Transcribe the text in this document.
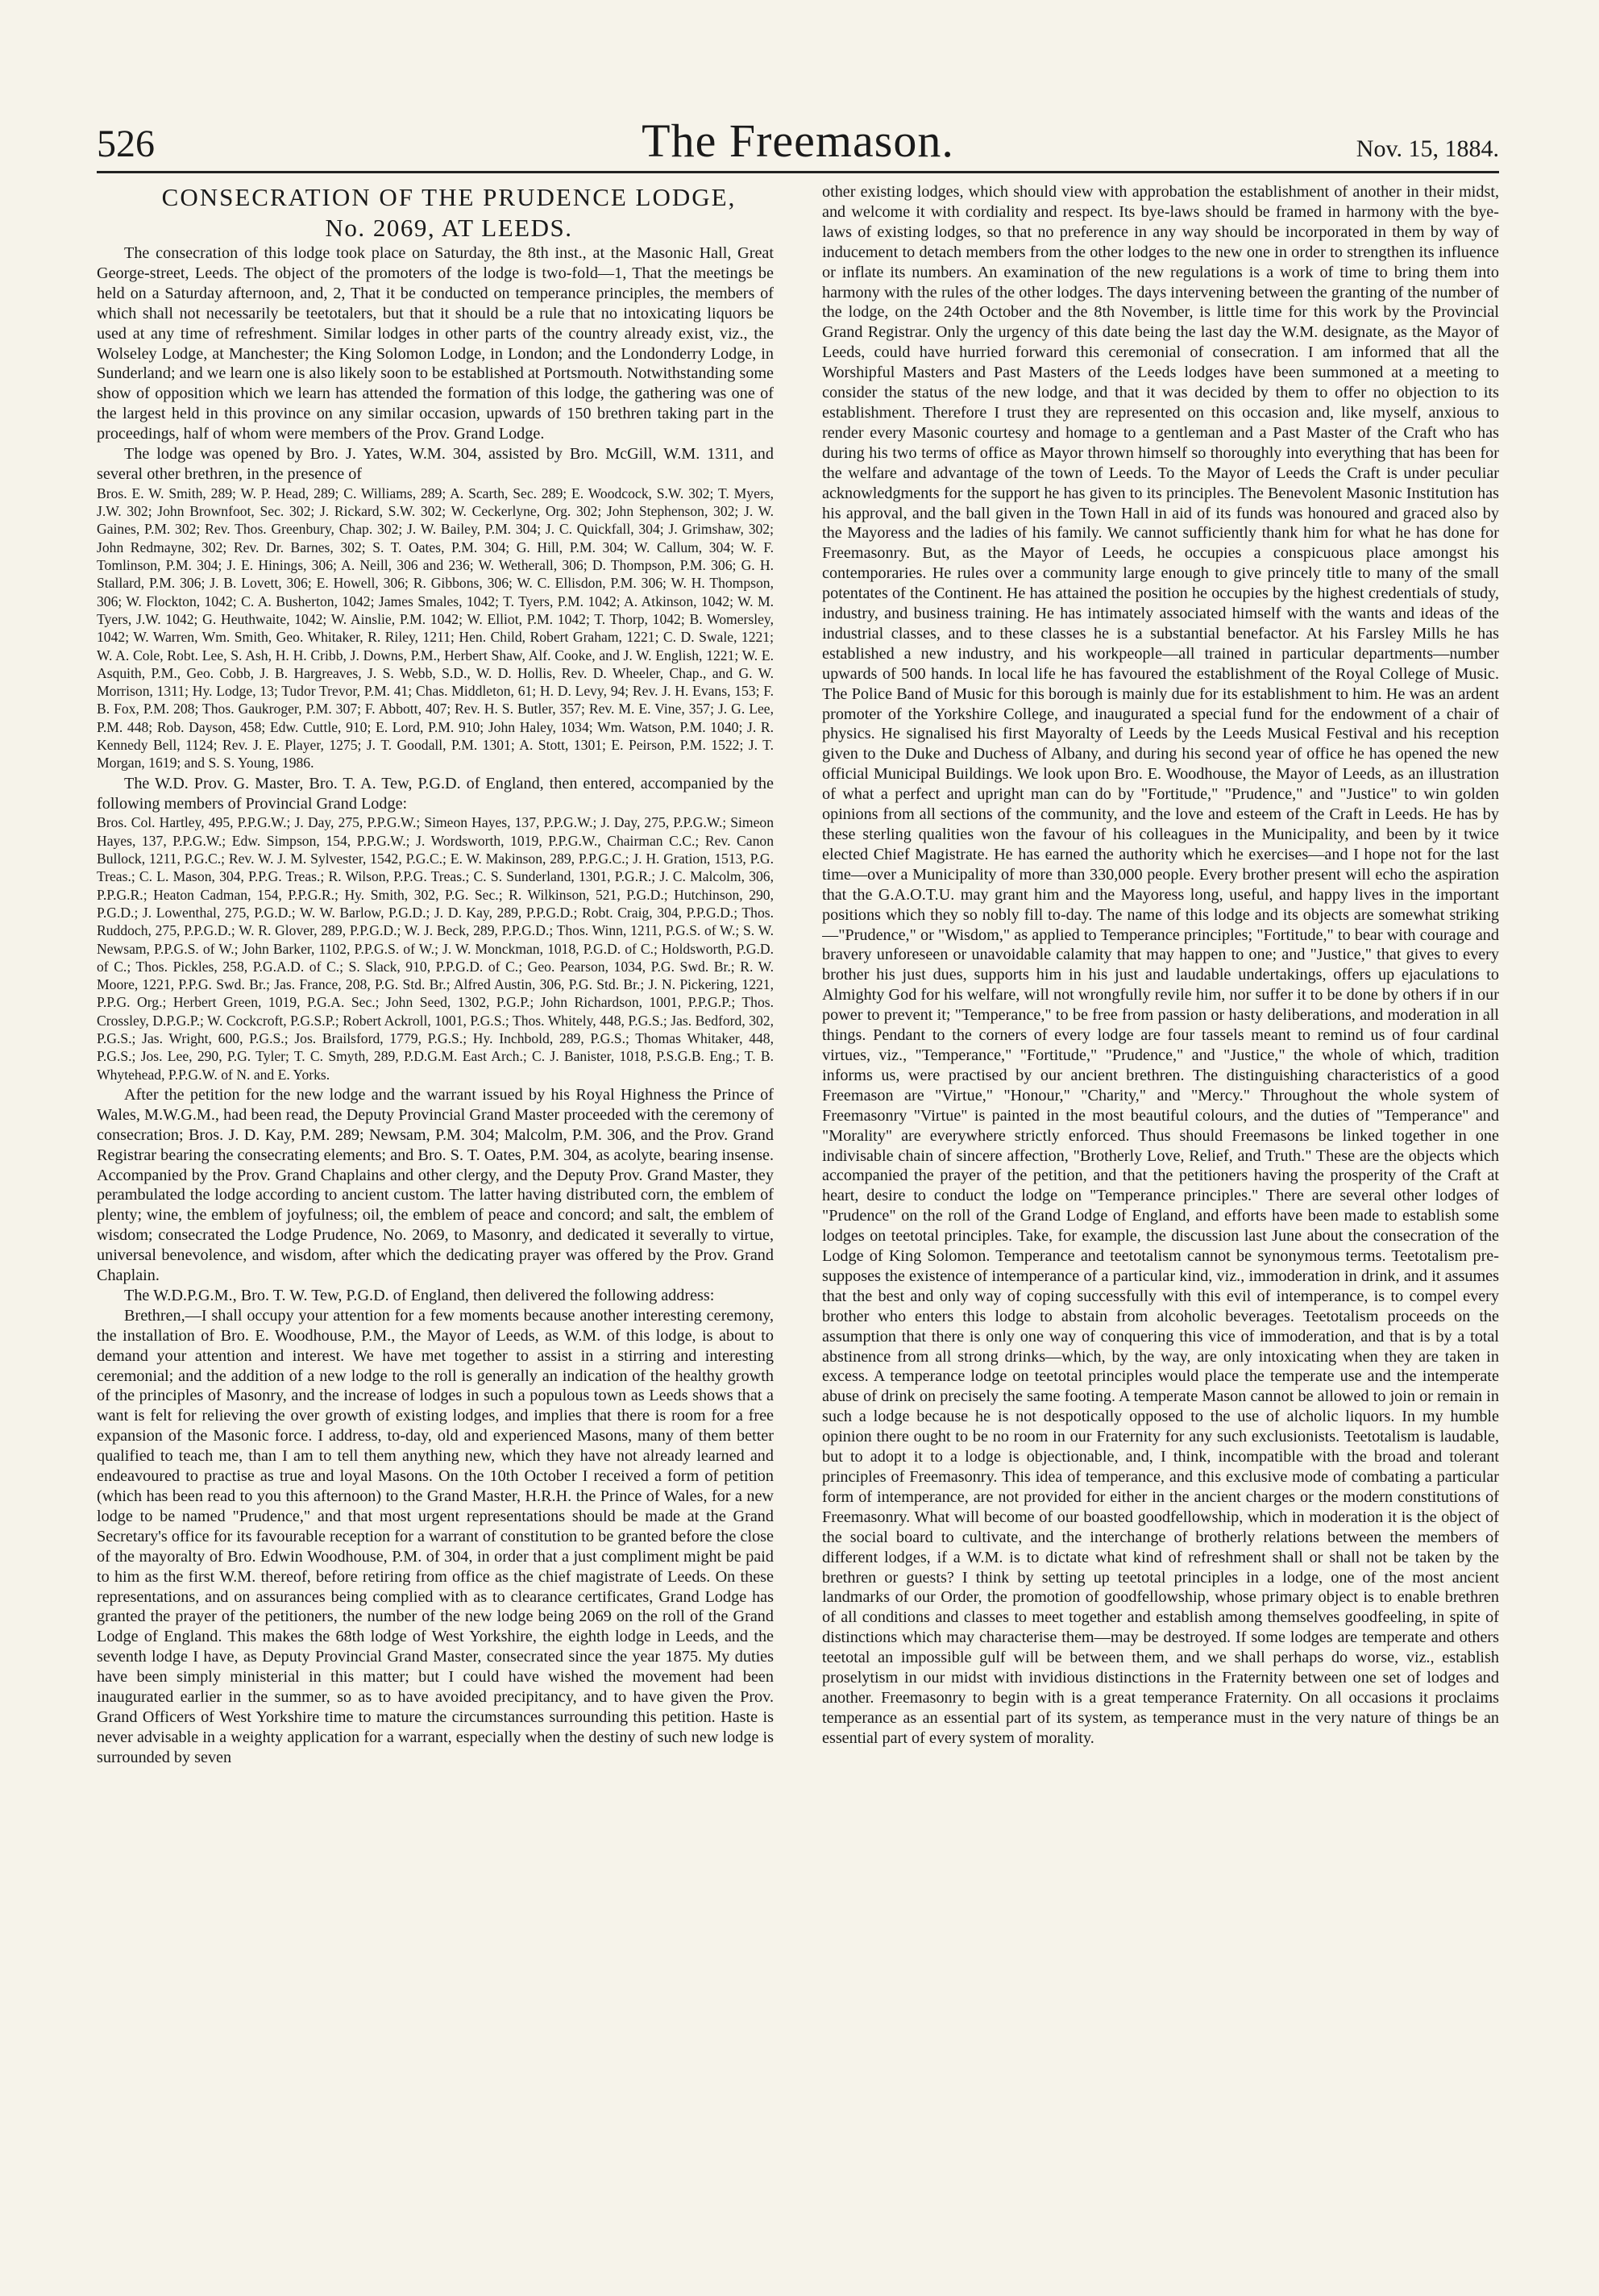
526	The Freemason.	Nov. 15, 1884.

CONSECRATION OF THE PRUDENCE LODGE,

No. 2069, AT LEEDS.

The consecration of this lodge took place on Saturday, the 8th inst., at the Masonic Hall, Great George-street, Leeds. The object of the promoters of the lodge is two-fold—1, That the meetings be held on a Saturday afternoon, and, 2, That it be conducted on temperance principles, the members of which shall not necessarily be teetotalers, but that it should be a rule that no intoxicating liquors be used at any time of refreshment. Similar lodges in other parts of the country already exist, viz., the Wolseley Lodge, at Manchester; the King Solomon Lodge, in London; and the Londonderry Lodge, in Sunderland; and we learn one is also likely soon to be established at Portsmouth. Notwithstanding some show of opposition which we learn has attended the formation of this lodge, the gathering was one of the largest held in this province on any similar occasion, upwards of 150 brethren taking part in the proceedings, half of whom were members of the Prov. Grand Lodge.

The lodge was opened by Bro. J. Yates, W.M. 304, assisted by Bro. McGill, W.M. 1311, and several other brethren, in the presence of

Bros. E. W. Smith, 289; W. P. Head, 289; C. Williams, 289; A. Scarth, Sec. 289; E. Woodcock, S.W. 302; T. Myers, J.W. 302; John Brownfoot, Sec. 302; J. Rickard, S.W. 302; W. Ceckerlyne, Org. 302; John Stephenson, 302; J. W. Gaines, P.M. 302; Rev. Thos. Greenbury, Chap. 302; J. W. Bailey, P.M. 304; J. C. Quickfall, 304; J. Grimshaw, 302; John Redmayne, 302; Rev. Dr. Barnes, 302; S. T. Oates, P.M. 304; G. Hill, P.M. 304; W. Callum, 304; W. F. Tomlinson, P.M. 304; J. E. Hinings, 306; A. Neill, 306 and 236; W. Wetherall, 306; D. Thompson, P.M. 306; G. H. Stallard, P.M. 306; J. B. Lovett, 306; E. Howell, 306; R. Gibbons, 306; W. C. Ellisdon, P.M. 306; W. H. Thompson, 306; W. Flockton, 1042; C. A. Busherton, 1042; James Smales, 1042; T. Tyers, P.M. 1042; A. Atkinson, 1042; W. M. Tyers, J.W. 1042; G. Heuthwaite, 1042; W. Ainslie, P.M. 1042; W. Elliot, P.M. 1042; T. Thorp, 1042; B. Womersley, 1042; W. Warren, Wm. Smith, Geo. Whitaker, R. Riley, 1211; Hen. Child, Robert Graham, 1221; C. D. Swale, 1221; W. A. Cole, Robt. Lee, S. Ash, H. H. Cribb, J. Downs, P.M., Herbert Shaw, Alf. Cooke, and J. W. English, 1221; W. E. Asquith, P.M., Geo. Cobb, J. B. Hargreaves, J. S. Webb, S.D., W. D. Hollis, Rev. D. Wheeler, Chap., and G. W. Morrison, 1311; Hy. Lodge, 13; Tudor Trevor, P.M. 41; Chas. Middleton, 61; H. D. Levy, 94; Rev. J. H. Evans, 153; F. B. Fox, P.M. 208; Thos. Gaukroger, P.M. 307; F. Abbott, 407; Rev. H. S. Butler, 357; Rev. M. E. Vine, 357; J. G. Lee, P.M. 448; Rob. Dayson, 458; Edw. Cuttle, 910; E. Lord, P.M. 910; John Haley, 1034; Wm. Watson, P.M. 1040; J. R. Kennedy Bell, 1124; Rev. J. E. Player, 1275; J. T. Goodall, P.M. 1301; A. Stott, 1301; E. Peirson, P.M. 1522; J. T. Morgan, 1619; and S. S. Young, 1986.

The W.D. Prov. G. Master, Bro. T. A. Tew, P.G.D. of England, then entered, accompanied by the following members of Provincial Grand Lodge:

Bros. Col. Hartley, 495, P.P.G.W.; J. Day, 275, P.P.G.W.; Simeon Hayes, 137, P.P.G.W.; J. Day, 275, P.P.G.W.; Simeon Hayes, 137, P.P.G.W.; Edw. Simpson, 154, P.P.G.W.; J. Wordsworth, 1019, P.P.G.W., Chairman C.C.; Rev. Canon Bullock, 1211, P.G.C.; Rev. W. J. M. Sylvester, 1542, P.G.C.; E. W. Makinson, 289, P.P.G.C.; J. H. Gration, 1513, P.G. Treas.; C. L. Mason, 304, P.P.G. Treas.; R. Wilson, P.P.G. Treas.; C. S. Sunderland, 1301, P.G.R.; J. C. Malcolm, 306, P.P.G.R.; Heaton Cadman, 154, P.P.G.R.; Hy. Smith, 302, P.G. Sec.; R. Wilkinson, 521, P.G.D.; Hutchinson, 290, P.G.D.; J. Lowenthal, 275, P.G.D.; W. W. Barlow, P.G.D.; J. D. Kay, 289, P.P.G.D.; Robt. Craig, 304, P.P.G.D.; Thos. Ruddoch, 275, P.P.G.D.; W. R. Glover, 289, P.P.G.D.; W. J. Beck, 289, P.P.G.D.; Thos. Winn, 1211, P.G.S. of W.; S. W. Newsam, P.P.G.S. of W.; John Barker, 1102, P.P.G.S. of W.; J. W. Monckman, 1018, P.G.D. of C.; Holdsworth, P.G.D. of C.; Thos. Pickles, 258, P.G.A.D. of C.; S. Slack, 910, P.P.G.D. of C.; Geo. Pearson, 1034, P.G. Swd. Br.; R. W. Moore, 1221, P.P.G. Swd. Br.; Jas. France, 208, P.G. Std. Br.; Alfred Austin, 306, P.G. Std. Br.; J. N. Pickering, 1221, P.P.G. Org.; Herbert Green, 1019, P.G.A. Sec.; John Seed, 1302, P.G.P.; John Richardson, 1001, P.P.G.P.; Thos. Crossley, D.P.G.P.; W. Cockcroft, P.G.S.P.; Robert Ackroll, 1001, P.G.S.; Thos. Whitely, 448, P.G.S.; Jas. Bedford, 302, P.G.S.; Jas. Wright, 600, P.G.S.; Jos. Brailsford, 1779, P.G.S.; Hy. Inchbold, 289, P.G.S.; Thomas Whitaker, 448, P.G.S.; Jos. Lee, 290, P.G. Tyler; T. C. Smyth, 289, P.D.G.M. East Arch.; C. J. Banister, 1018, P.S.G.B. Eng.; T. B. Whytehead, P.P.G.W. of N. and E. Yorks.

After the petition for the new lodge and the warrant issued by his Royal Highness the Prince of Wales, M.W.G.M., had been read, the Deputy Provincial Grand Master proceeded with the ceremony of consecration; Bros. J. D. Kay, P.M. 289; Newsam, P.M. 304; Malcolm, P.M. 306, and the Prov. Grand Registrar bearing the consecrating elements; and Bro. S. T. Oates, P.M. 304, as acolyte, bearing insense. Accompanied by the Prov. Grand Chaplains and other clergy, and the Deputy Prov. Grand Master, they perambulated the lodge according to ancient custom. The latter having distributed corn, the emblem of plenty; wine, the emblem of joyfulness; oil, the emblem of peace and concord; and salt, the emblem of wisdom; consecrated the Lodge Prudence, No. 2069, to Masonry, and dedicated it severally to virtue, universal benevolence, and wisdom, after which the dedicating prayer was offered by the Prov. Grand Chaplain.

The W.D.P.G.M., Bro. T. W. Tew, P.G.D. of England, then delivered the following address:

Brethren,—I shall occupy your attention for a few moments because another interesting ceremony, the installation of Bro. E. Woodhouse, P.M., the Mayor of Leeds, as W.M. of this lodge, is about to demand your attention and interest. We have met together to assist in a stirring and interesting ceremonial; and the addition of a new lodge to the roll is generally an indication of the healthy growth of the principles of Masonry, and the increase of lodges in such a populous town as Leeds shows that a want is felt for relieving the over growth of existing lodges, and implies that there is room for a free expansion of the Masonic force. I address, to-day, old and experienced Masons, many of them better qualified to teach me, than I am to tell them anything new, which they have not already learned and endeavoured to practise as true and loyal Masons. On the 10th October I received a form of petition (which has been read to you this afternoon) to the Grand Master, H.R.H. the Prince of Wales, for a new lodge to be named "Prudence," and that most urgent representations should be made at the Grand Secretary's office for its favourable reception for a warrant of constitution to be granted before the close of the mayoralty of Bro. Edwin Woodhouse, P.M. of 304, in order that a just compliment might be paid to him as the first W.M. thereof, before retiring from office as the chief magistrate of Leeds. On these representations, and on assurances being complied with as to clearance certificates, Grand Lodge has granted the prayer of the petitioners, the number of the new lodge being 2069 on the roll of the Grand Lodge of England. This makes the 68th lodge of West Yorkshire, the eighth lodge in Leeds, and the seventh lodge I have, as Deputy Provincial Grand Master, consecrated since the year 1875. My duties have been simply ministerial in this matter; but I could have wished the movement had been inaugurated earlier in the summer, so as to have avoided precipitancy, and to have given the Prov. Grand Officers of West Yorkshire time to mature the circumstances surrounding this petition. Haste is never advisable in a weighty application for a warrant, especially when the destiny of such new lodge is surrounded by seven

other existing lodges, which should view with approbation the establishment of another in their midst, and welcome it with cordiality and respect. Its bye-laws should be framed in harmony with the bye-laws of existing lodges, so that no preference in any way should be incorporated in them by way of inducement to detach members from the other lodges to the new one in order to strengthen its influence or inflate its numbers. An examination of the new regulations is a work of time to bring them into harmony with the rules of the other lodges. The days intervening between the granting of the number of the lodge, on the 24th October and the 8th November, is little time for this work by the Provincial Grand Registrar. Only the urgency of this date being the last day the W.M. designate, as the Mayor of Leeds, could have hurried forward this ceremonial of consecration. I am informed that all the Worshipful Masters and Past Masters of the Leeds lodges have been summoned at a meeting to consider the status of the new lodge, and that it was decided by them to offer no objection to its establishment. Therefore I trust they are represented on this occasion and, like myself, anxious to render every Masonic courtesy and homage to a gentleman and a Past Master of the Craft who has during his two terms of office as Mayor thrown himself so thoroughly into everything that has been for the welfare and advantage of the town of Leeds. To the Mayor of Leeds the Craft is under peculiar acknowledgments for the support he has given to its principles. The Benevolent Masonic Institution has his approval, and the ball given in the Town Hall in aid of its funds was honoured and graced also by the Mayoress and the ladies of his family. We cannot sufficiently thank him for what he has done for Freemasonry. But, as the Mayor of Leeds, he occupies a conspicuous place amongst his contemporaries. He rules over a community large enough to give princely title to many of the small potentates of the Continent. He has attained the position he occupies by the highest credentials of study, industry, and business training. He has intimately associated himself with the wants and ideas of the industrial classes, and to these classes he is a substantial benefactor. At his Farsley Mills he has established a new industry, and his workpeople—all trained in particular departments—number upwards of 500 hands. In local life he has favoured the establishment of the Royal College of Music. The Police Band of Music for this borough is mainly due for its establishment to him. He was an ardent promoter of the Yorkshire College, and inaugurated a special fund for the endowment of a chair of physics. He signalised his first Mayoralty of Leeds by the Leeds Musical Festival and his reception given to the Duke and Duchess of Albany, and during his second year of office he has opened the new official Municipal Buildings. We look upon Bro. E. Woodhouse, the Mayor of Leeds, as an illustration of what a perfect and upright man can do by "Fortitude," "Prudence," and "Justice" to win golden opinions from all sections of the community, and the love and esteem of the Craft in Leeds. He has by these sterling qualities won the favour of his colleagues in the Municipality, and been by it twice elected Chief Magistrate. He has earned the authority which he exercises—and I hope not for the last time—over a Municipality of more than 330,000 people. Every brother present will echo the aspiration that the G.A.O.T.U. may grant him and the Mayoress long, useful, and happy lives in the important positions which they so nobly fill to-day. The name of this lodge and its objects are somewhat striking—"Prudence," or "Wisdom," as applied to Temperance principles; "Fortitude," to bear with courage and bravery unforeseen or unavoidable calamity that may happen to one; and "Justice," that gives to every brother his just dues, supports him in his just and laudable undertakings, offers up ejaculations to Almighty God for his welfare, will not wrongfully revile him, nor suffer it to be done by others if in our power to prevent it; "Temperance," to be free from passion or hasty deliberations, and moderation in all things. Pendant to the corners of every lodge are four tassels meant to remind us of four cardinal virtues, viz., "Temperance," "Fortitude," "Prudence," and "Justice," the whole of which, tradition informs us, were practised by our ancient brethren. The distinguishing characteristics of a good Freemason are "Virtue," "Honour," "Charity," and "Mercy." Throughout the whole system of Freemasonry "Virtue" is painted in the most beautiful colours, and the duties of "Temperance" and "Morality" are everywhere strictly enforced. Thus should Freemasons be linked together in one indivisable chain of sincere affection, "Brotherly Love, Relief, and Truth." These are the objects which accompanied the prayer of the petition, and that the petitioners having the prosperity of the Craft at heart, desire to conduct the lodge on "Temperance principles." There are several other lodges of "Prudence" on the roll of the Grand Lodge of England, and efforts have been made to establish some lodges on teetotal principles. Take, for example, the discussion last June about the consecration of the Lodge of King Solomon. Temperance and teetotalism cannot be synonymous terms. Teetotalism pre-supposes the existence of intemperance of a particular kind, viz., immoderation in drink, and it assumes that the best and only way of coping successfully with this evil of intemperance, is to compel every brother who enters this lodge to abstain from alcoholic beverages. Teetotalism proceeds on the assumption that there is only one way of conquering this vice of immoderation, and that is by a total abstinence from all strong drinks—which, by the way, are only intoxicating when they are taken in excess. A temperance lodge on teetotal principles would place the temperate use and the intemperate abuse of drink on precisely the same footing. A temperate Mason cannot be allowed to join or remain in such a lodge because he is not despotically opposed to the use of alcholic liquors. In my humble opinion there ought to be no room in our Fraternity for any such exclusionists. Teetotalism is laudable, but to adopt it to a lodge is objectionable, and, I think, incompatible with the broad and tolerant principles of Freemasonry. This idea of temperance, and this exclusive mode of combating a particular form of intemperance, are not provided for either in the ancient charges or the modern constitutions of Freemasonry. What will become of our boasted goodfellowship, which in moderation it is the object of the social board to cultivate, and the interchange of brotherly relations between the members of different lodges, if a W.M. is to dictate what kind of refreshment shall or shall not be taken by the brethren or guests? I think by setting up teetotal principles in a lodge, one of the most ancient landmarks of our Order, the promotion of goodfellowship, whose primary object is to enable brethren of all conditions and classes to meet together and establish among themselves goodfeeling, in spite of distinctions which may characterise them—may be destroyed. If some lodges are temperate and others teetotal an impossible gulf will be between them, and we shall perhaps do worse, viz., establish proselytism in our midst with invidious distinctions in the Fraternity between one set of lodges and another. Freemasonry to begin with is a great temperance Fraternity. On all occasions it proclaims temperance as an essential part of its system, as temperance must in the very nature of things be an essential part of every system of morality.
